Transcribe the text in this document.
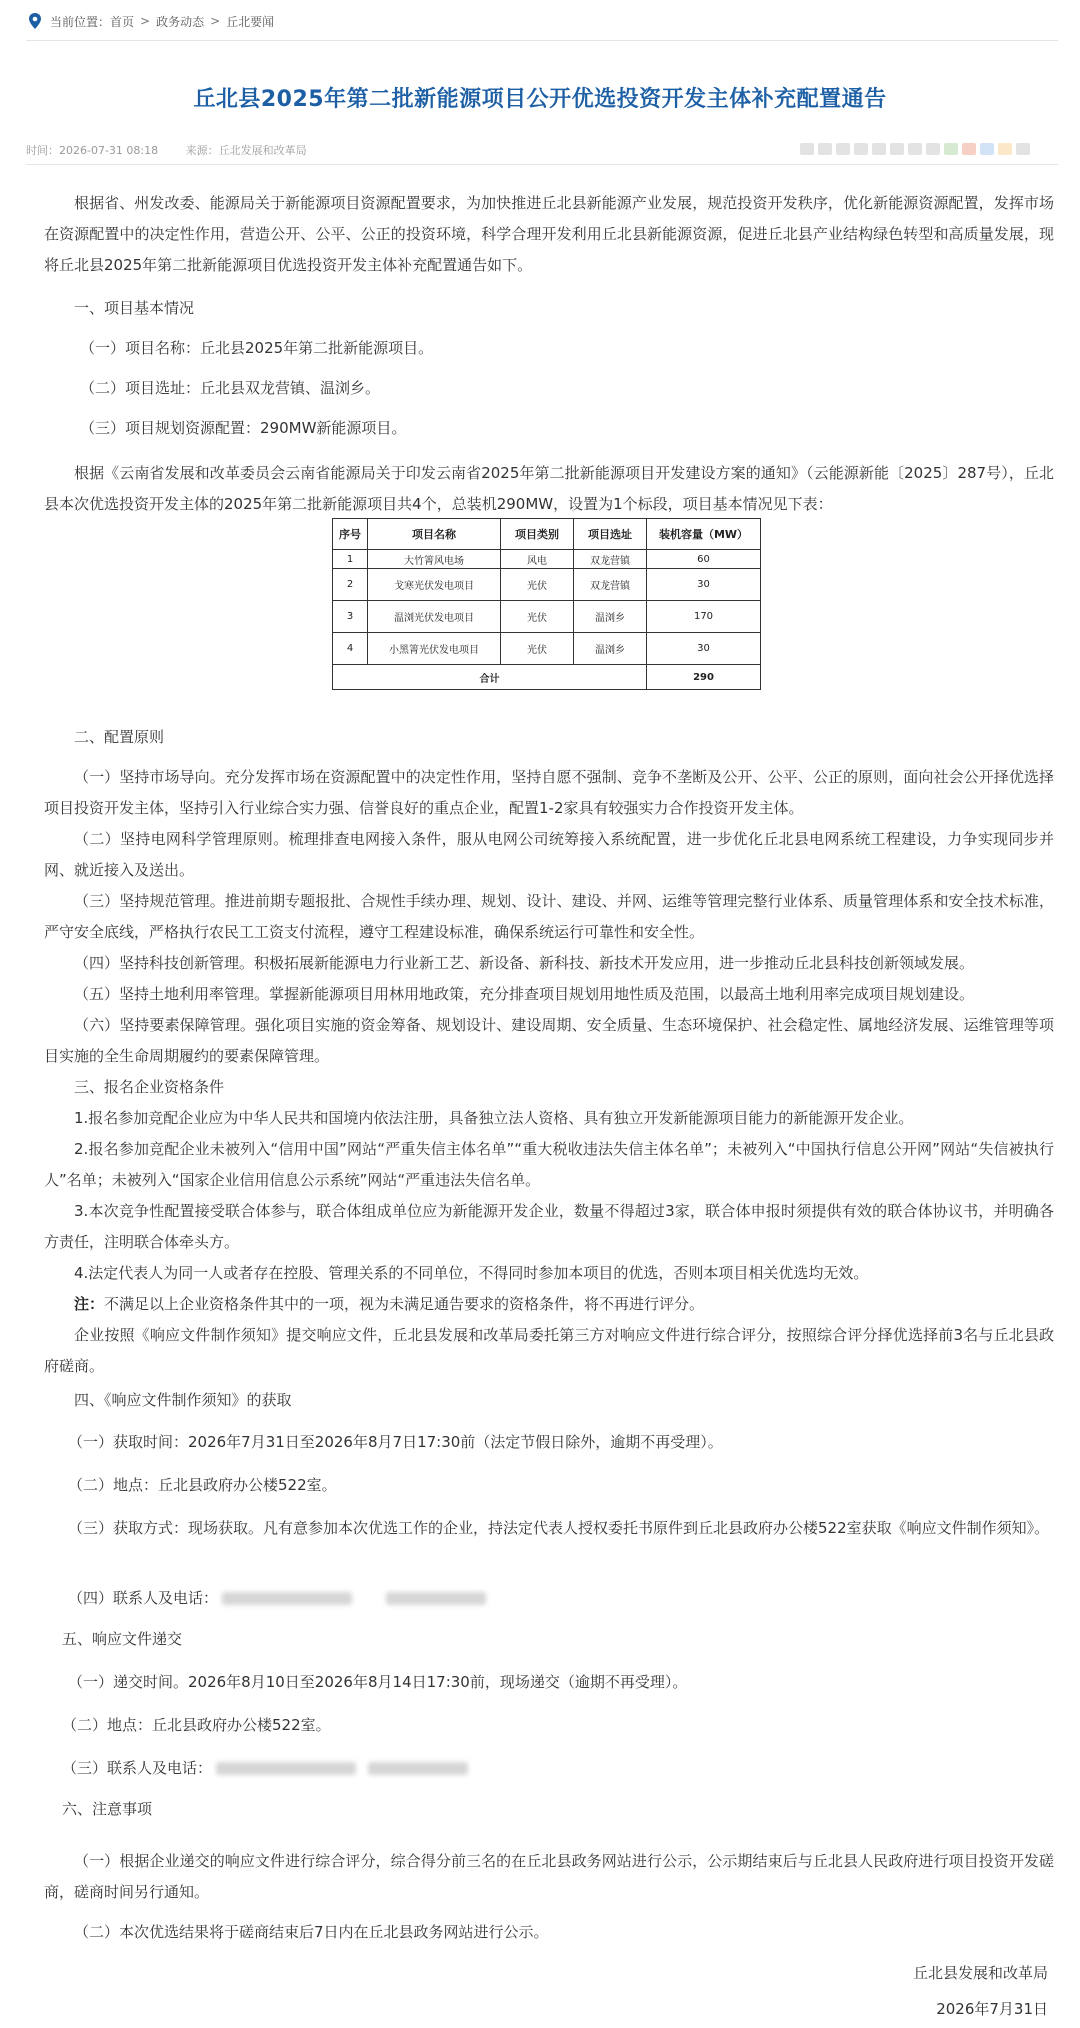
当前位置： 首页 > 政务动态 > 丘北要闻
丘北县2025年第二批新能源项目公开优选投资开发主体补充配置通告
时间：2026-07-31 08:18	来源：丘北发展和改革局

根据省、州发改委、能源局关于新能源项目资源配置要求，为加快推进丘北县新能源产业发展，规范投资开发秩序，优化新能源资源配置，发挥市场在资源配置中的决定性作用，营造公开、公平、公正的投资环境，科学合理开发利用丘北县新能源资源，促进丘北县产业结构绿色转型和高质量发展，现将丘北县2025年第二批新能源项目优选投资开发主体补充配置通告如下。

一、项目基本情况

（一）项目名称：丘北县2025年第二批新能源项目。

（二）项目选址：丘北县双龙营镇、温浏乡。

（三）项目规划资源配置：290MW新能源项目。

根据《云南省发展和改革委员会云南省能源局关于印发云南省2025年第二批新能源项目开发建设方案的通知》（云能源新能〔2025〕287号），丘北县本次优选投资开发主体的2025年第二批新能源项目共4个，总装机290MW，设置为1个标段，项目基本情况见下表：

序号	项目名称	项目类别	项目选址	装机容量（MW）
1	大竹箐风电场	风电	双龙营镇	60
2	戈寒光伏发电项目	光伏	双龙营镇	30
3	温浏光伏发电项目	光伏	温浏乡	170
4	小黑箐光伏发电项目	光伏	温浏乡	30
合计				290

二、配置原则

（一）坚持市场导向。充分发挥市场在资源配置中的决定性作用，坚持自愿不强制、竞争不垄断及公开、公平、公正的原则，面向社会公开择优选择项目投资开发主体，坚持引入行业综合实力强、信誉良好的重点企业，配置1-2家具有较强实力合作投资开发主体。

（二）坚持电网科学管理原则。梳理排查电网接入条件，服从电网公司统筹接入系统配置，进一步优化丘北县电网系统工程建设，力争实现同步并网、就近接入及送出。

（三）坚持规范管理。推进前期专题报批、合规性手续办理、规划、设计、建设、并网、运维等管理完整行业体系、质量管理体系和安全技术标准，严守安全底线，严格执行农民工工资支付流程，遵守工程建设标准，确保系统运行可靠性和安全性。

（四）坚持科技创新管理。积极拓展新能源电力行业新工艺、新设备、新科技、新技术开发应用，进一步推动丘北县科技创新领域发展。

（五）坚持土地利用率管理。掌握新能源项目用林用地政策，充分排查项目规划用地性质及范围，以最高土地利用率完成项目规划建设。

（六）坚持要素保障管理。强化项目实施的资金筹备、规划设计、建设周期、安全质量、生态环境保护、社会稳定性、属地经济发展、运维管理等项目实施的全生命周期履约的要素保障管理。

三、报名企业资格条件

1.报名参加竞配企业应为中华人民共和国境内依法注册，具备独立法人资格、具有独立开发新能源项目能力的新能源开发企业。

2.报名参加竞配企业未被列入“信用中国”网站“严重失信主体名单”“重大税收违法失信主体名单”；未被列入“中国执行信息公开网”网站“失信被执行人”名单；未被列入“国家企业信用信息公示系统”网站“严重违法失信名单。

3.本次竞争性配置接受联合体参与，联合体组成单位应为新能源开发企业，数量不得超过3家，联合体申报时须提供有效的联合体协议书，并明确各方责任，注明联合体牵头方。

4.法定代表人为同一人或者存在控股、管理关系的不同单位，不得同时参加本项目的优选，否则本项目相关优选均无效。

注：不满足以上企业资格条件其中的一项，视为未满足通告要求的资格条件，将不再进行评分。

企业按照《响应文件制作须知》提交响应文件，丘北县发展和改革局委托第三方对响应文件进行综合评分，按照综合评分择优选择前3名与丘北县政府磋商。

四、《响应文件制作须知》的获取

（一）获取时间：2026年7月31日至2026年8月7日17:30前（法定节假日除外，逾期不再受理）。

（二）地点：丘北县政府办公楼522室。

（三）获取方式：现场获取。凡有意参加本次优选工作的企业，持法定代表人授权委托书原件到丘北县政府办公楼522室获取《响应文件制作须知》。

（四）联系人及电话：

五、响应文件递交

（一）递交时间。2026年8月10日至2026年8月14日17:30前，现场递交（逾期不再受理）。

（二）地点：丘北县政府办公楼522室。

（三）联系人及电话：

六、注意事项

（一）根据企业递交的响应文件进行综合评分，综合得分前三名的在丘北县政务网站进行公示，公示期结束后与丘北县人民政府进行项目投资开发磋商，磋商时间另行通知。

（二）本次优选结果将于磋商结束后7日内在丘北县政务网站进行公示。

丘北县发展和改革局

2026年7月31日
